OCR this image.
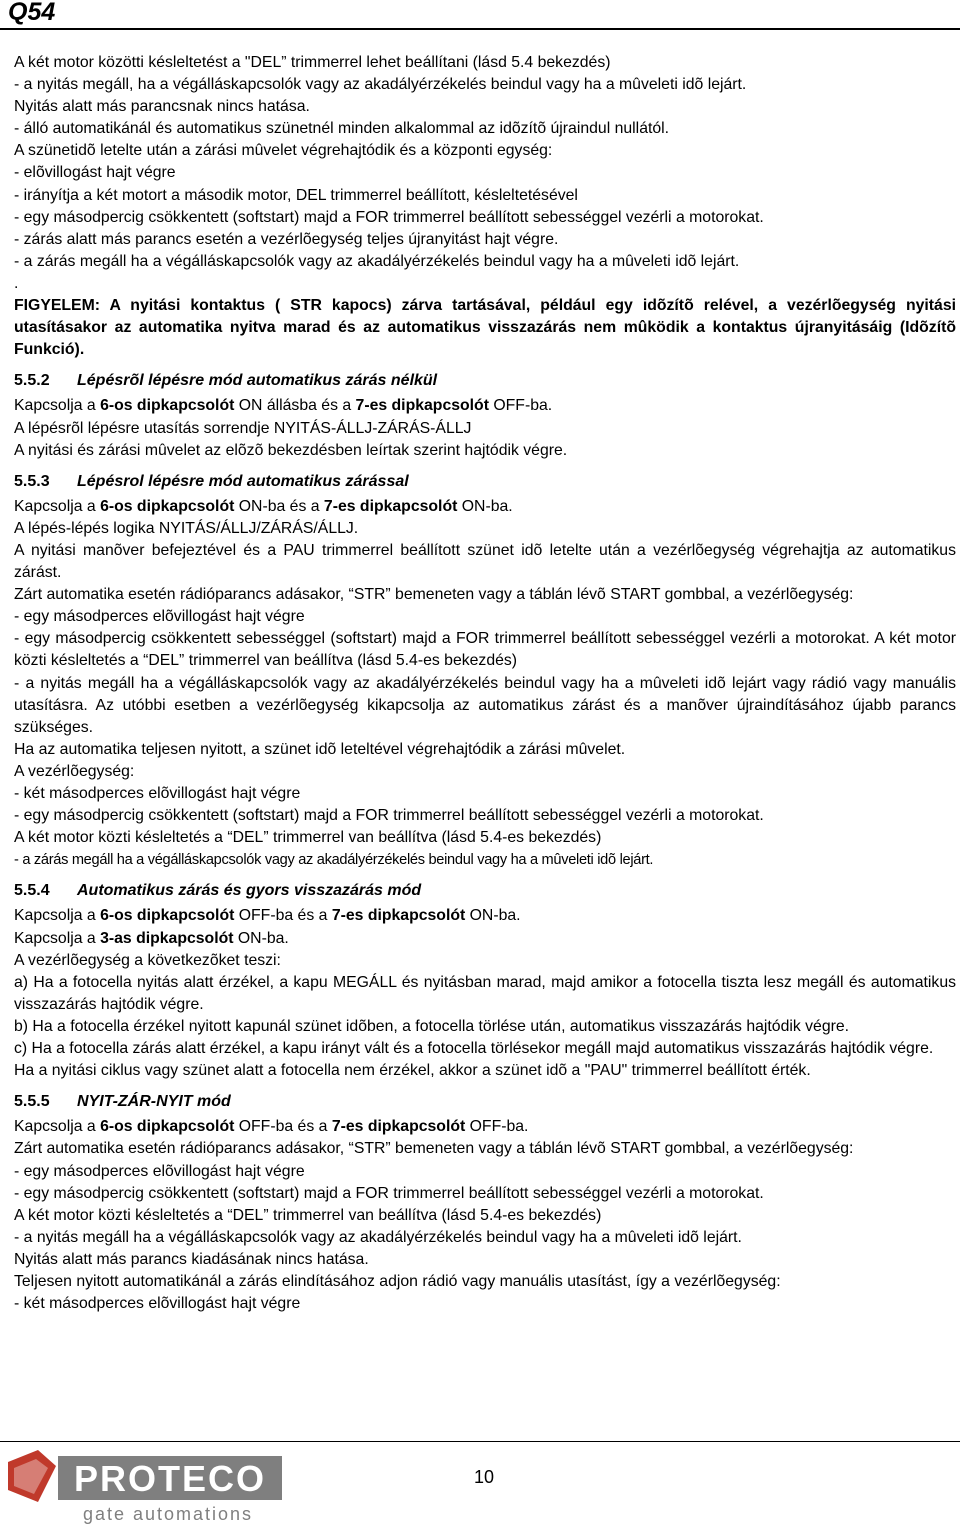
Q54

A két motor közötti késleltetést a "DEL” trimmerrel lehet beállítani (lásd 5.4 bekezdés)

- a nyitás megáll, ha a végálláskapcsolók vagy az akadályérzékelés beindul vagy ha a mûveleti idõ lejárt.

Nyitás alatt más parancsnak nincs hatása.

- álló automatikánál és automatikus szünetnél minden alkalommal az idõzítõ újraindul nullától.

A szünetidõ letelte után a zárási mûvelet végrehajtódik és a központi egység:

- elõvillogást hajt végre

- irányítja a két motort a második motor, DEL trimmerrel beállított, késleltetésével

- egy másodpercig csökkentett (softstart) majd a FOR trimmerrel beállított sebességgel vezérli a motorokat.

- zárás alatt más parancs esetén a vezérlõegység teljes újranyitást hajt végre.

- a zárás megáll ha a végálláskapcsolók vagy az akadályérzékelés beindul vagy ha a mûveleti idõ lejárt.

.

FIGYELEM: A nyitási kontaktus ( STR kapocs) zárva tartásával, például egy idõzítõ relével, a vezérlõegység nyitási utasításakor az automatika nyitva marad és az automatikus visszazárás nem mûködik a kontaktus újranyitásáig (Idõzítõ Funkció).

5.5.2 Lépésrõl lépésre mód automatikus zárás nélkül

Kapcsolja a 6-os dipkapcsolót ON állásba és a 7-es dipkapcsolót OFF-ba.

A lépésrõl lépésre utasítás sorrendje NYITÁS-ÁLLJ-ZÁRÁS-ÁLLJ

A nyitási és zárási mûvelet az elõzõ bekezdésben leírtak szerint hajtódik végre.

5.5.3 Lépésrol lépésre mód automatikus zárással

Kapcsolja a 6-os dipkapcsolót ON-ba és a 7-es dipkapcsolót ON-ba.

A lépés-lépés logika NYITÁS/ÁLLJ/ZÁRÁS/ÁLLJ.

A nyitási manõver befejeztével és a PAU trimmerrel beállított szünet idõ letelte után a vezérlõegység végrehajtja az automatikus zárást.

Zárt automatika esetén rádióparancs adásakor, “STR” bemeneten vagy a táblán lévõ START gombbal, a vezérlõegység:

- egy másodperces elõvillogást hajt végre

- egy másodpercig csökkentett sebességgel (softstart) majd a FOR trimmerrel beállított sebességgel vezérli a motorokat. A két motor közti késleltetés a “DEL” trimmerrel van beállítva (lásd 5.4-es bekezdés)

- a nyitás megáll ha a végálláskapcsolók vagy az akadályérzékelés beindul vagy ha a mûveleti idõ lejárt vagy rádió vagy manuális utasításra. Az utóbbi esetben a vezérlõegység kikapcsolja az automatikus zárást és a manõver újraindításához újabb parancs szükséges.

Ha az automatika teljesen nyitott, a szünet idõ leteltével végrehajtódik a zárási mûvelet.

A vezérlõegység:

- két másodperces elõvillogást hajt végre

- egy másodpercig csökkentett (softstart) majd a FOR trimmerrel beállított sebességgel vezérli a motorokat.

A két motor közti késleltetés a “DEL” trimmerrel van beállítva (lásd 5.4-es bekezdés)

- a zárás megáll ha a végálláskapcsolók vagy az akadályérzékelés beindul vagy ha a mûveleti idõ lejárt.

5.5.4 Automatikus zárás és gyors visszazárás mód

Kapcsolja a 6-os dipkapcsolót OFF-ba és a 7-es dipkapcsolót ON-ba.

Kapcsolja a 3-as dipkapcsolót ON-ba.

A vezérlõegység a következõket teszi:

a) Ha a fotocella nyitás alatt érzékel, a kapu MEGÁLL és nyitásban marad, majd amikor a fotocella tiszta lesz megáll és automatikus visszazárás hajtódik végre.

b) Ha a fotocella érzékel nyitott kapunál szünet idõben, a fotocella törlése után, automatikus visszazárás hajtódik végre.

c) Ha a fotocella zárás alatt érzékel, a kapu irányt vált és a fotocella törlésekor megáll majd automatikus visszazárás hajtódik végre.

Ha a nyitási ciklus vagy szünet alatt a fotocella nem érzékel, akkor a szünet idõ a "PAU" trimmerrel beállított érték.

5.5.5 NYIT-ZÁR-NYIT mód

Kapcsolja a 6-os dipkapcsolót OFF-ba és a 7-es dipkapcsolót OFF-ba.

Zárt automatika esetén rádióparancs adásakor, “STR” bemeneten vagy a táblán lévõ START gombbal, a vezérlõegység:

- egy másodperces elõvillogást hajt végre

- egy másodpercig csökkentett (softstart) majd a FOR trimmerrel beállított sebességgel vezérli a motorokat.

A két motor közti késleltetés a “DEL” trimmerrel van beállítva (lásd 5.4-es bekezdés)

- a nyitás megáll ha a végálláskapcsolók vagy az akadályérzékelés beindul vagy ha a mûveleti idõ lejárt.

Nyitás alatt más parancs kiadásának nincs hatása.

Teljesen nyitott automatikánál a zárás elindításához adjon rádió vagy manuális utasítást, így a vezérlõegység:

- két másodperces elõvillogást hajt végre

PROTECO
gate automations
10
